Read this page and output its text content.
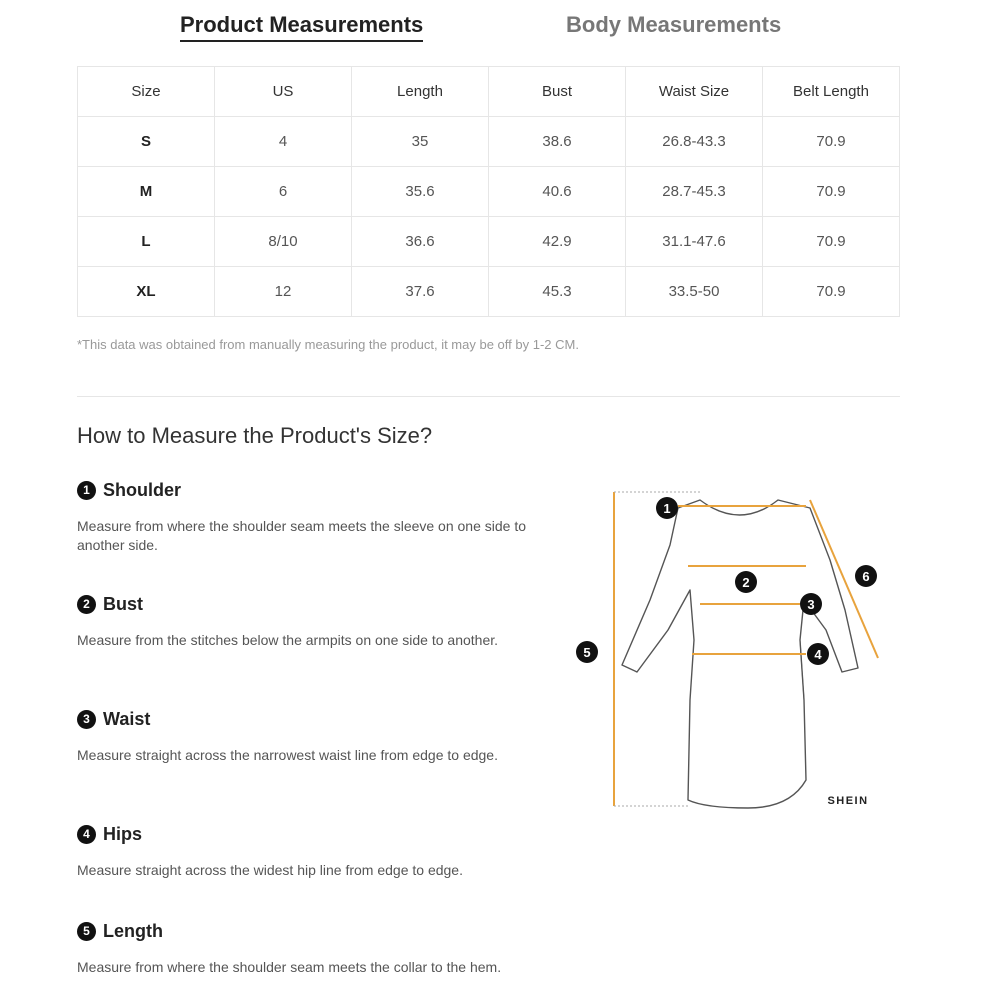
Product Measurements	Body Measurements
Size	US	Length	Bust	Waist Size	Belt Length
S	4	35	38.6	26.8-43.3	70.9
M	6	35.6	40.6	28.7-45.3	70.9
L	8/10	36.6	42.9	31.1-47.6	70.9
XL	12	37.6	45.3	33.5-50	70.9
*This data was obtained from manually measuring the product, it may be off by 1-2 CM.
How to Measure the Product's Size?
1 Shoulder
Measure from where the shoulder seam meets the sleeve on one side to another side.
2 Bust
Measure from the stitches below the armpits on one side to another.
3 Waist
Measure straight across the narrowest waist line from edge to edge.
4 Hips
Measure straight across the widest hip line from edge to edge.
5 Length
Measure from where the shoulder seam meets the collar to the hem.
1
2
3
4
5
6
SHEIN
